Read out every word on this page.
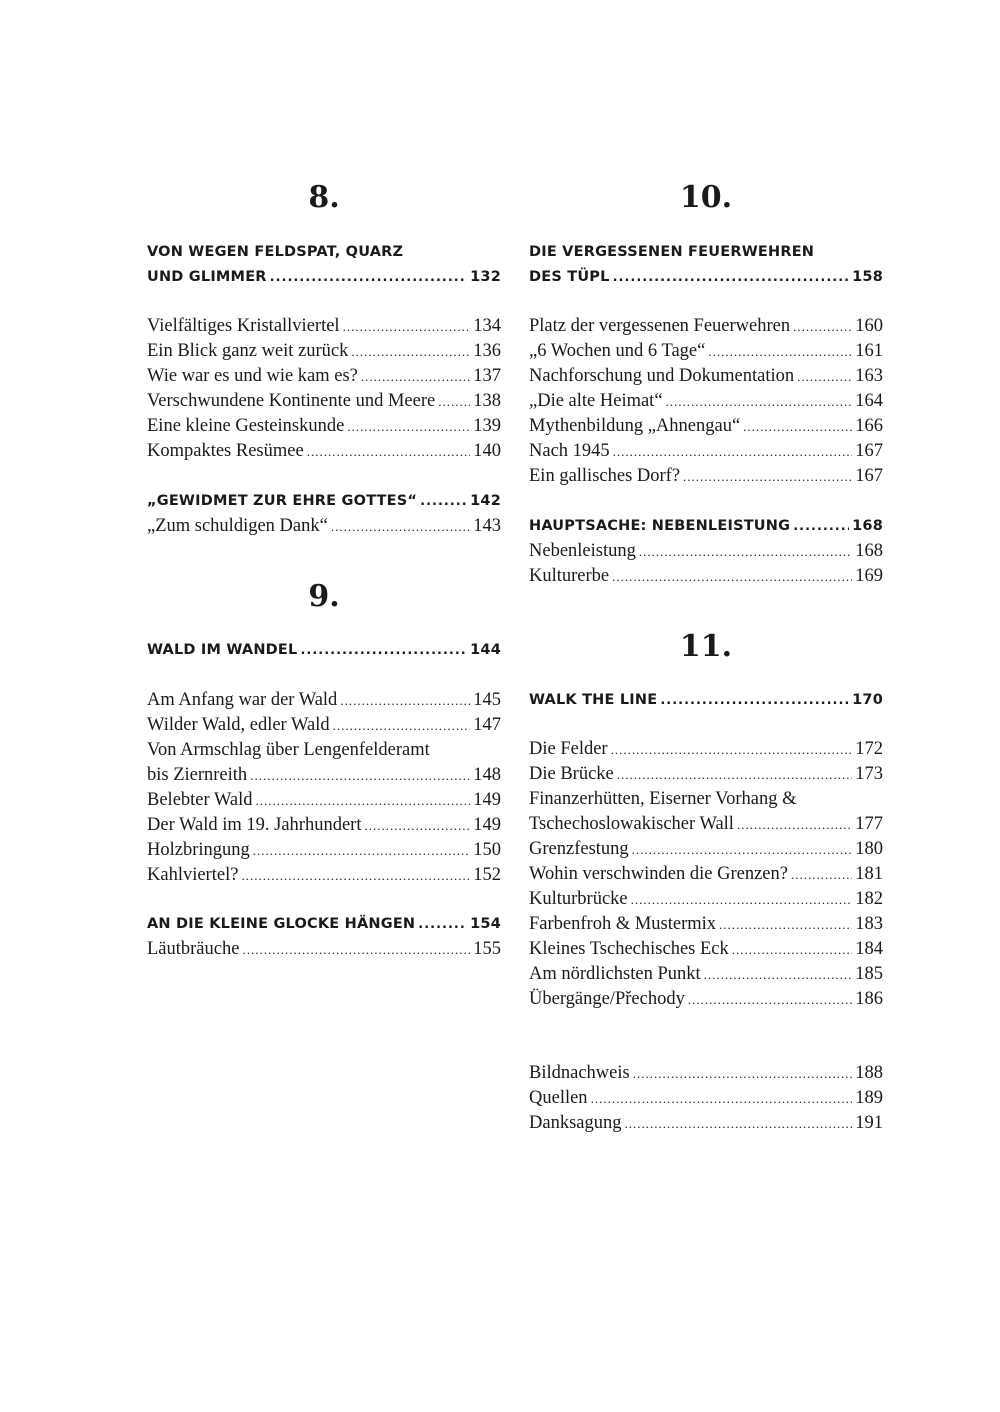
8.
VON WEGEN FELDSPAT, QUARZ
UND GLIMMER .....	132
Vielfältiges Kristallviertel .....	134
Ein Blick ganz weit zurück .....	136
Wie war es und wie kam es? .....	137
Verschwundene Kontinente und Meere ..... 138
Eine kleine Gesteinskunde .....	139
Kompaktes Resümee .....	140
„GEWIDMET ZUR EHRE GOTTES“ .....	142
„Zum schuldigen Dank“ .....	143
9.
WALD IM WANDEL .....	144
Am Anfang war der Wald .....	145
Wilder Wald, edler Wald .....	147
Von Armschlag über Lengenfelderamt
bis Ziernreith .....	148
Belebter Wald .....	149
Der Wald im 19. Jahrhundert .....	149
Holzbringung .....	150
Kahlviertel? .....	152
AN DIE KLEINE GLOCKE HÄNGEN .....	154
Läutbräuche .....	155
10.
DIE VERGESSENEN FEUERWEHREN
DES TÜPL .....	158
Platz der vergessenen Feuerwehren .....	160
„6 Wochen und 6 Tage“ .....	161
Nachforschung und Dokumentation .....	163
„Die alte Heimat“ .....	164
Mythenbildung „Ahnengau“ .....	166
Nach 1945 .....	167
Ein gallisches Dorf? .....	167
HAUPTSACHE: NEBENLEISTUNG .....	168
Nebenleistung .....	168
Kulturerbe .....	169
11.
WALK THE LINE .....	170
Die Felder .....	172
Die Brücke .....	173
Finanzerhütten, Eiserner Vorhang &
Tschechoslowakischer Wall .....	177
Grenzfestung .....	180
Wohin verschwinden die Grenzen? .....	181
Kulturbrücke .....	182
Farbenfroh & Mustermix .....	183
Kleines Tschechisches Eck .....	184
Am nördlichsten Punkt .....	185
Übergänge/Přechody .....	186
Bildnachweis .....	188
Quellen .....	189
Danksagung .....	191
